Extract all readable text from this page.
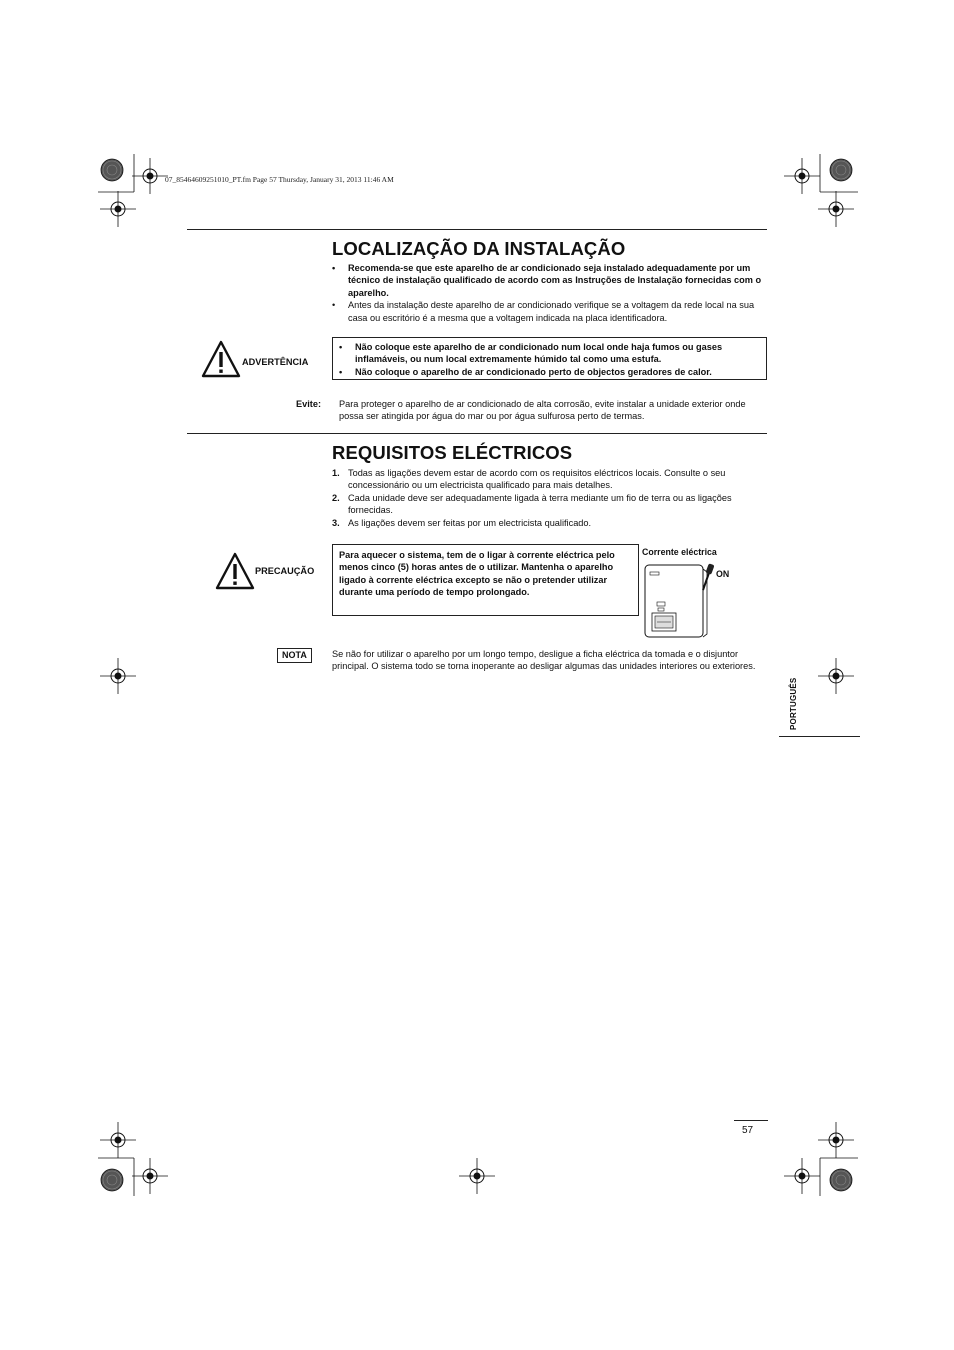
07_85464609251010_PT.fm Page 57 Thursday, January 31, 2013 11:46 AM
LOCALIZAÇÃO DA INSTALAÇÃO
• Recomenda-se que este aparelho de ar condicionado seja instalado adequadamente por um técnico de instalação qualificado de acordo com as Instruções de Instalação fornecidas com o aparelho.
• Antes da instalação deste aparelho de ar condicionado verifique se a voltagem da rede local na sua casa ou escritório é a mesma que a voltagem indicada na placa identificadora.
ADVERTÊNCIA
• Não coloque este aparelho de ar condicionado num local onde haja fumos ou gases inflamáveis, ou num local extremamente húmido tal como uma estufa.
• Não coloque o aparelho de ar condicionado perto de objectos geradores de calor.
Evite: Para proteger o aparelho de ar condicionado de alta corrosão, evite instalar a unidade exterior onde possa ser atingida por água do mar ou por água sulfurosa perto de termas.
REQUISITOS ELÉCTRICOS
1. Todas as ligações devem estar de acordo com os requisitos eléctricos locais. Consulte o seu concessionário ou um electricista qualificado para mais detalhes.
2. Cada unidade deve ser adequadamente ligada à terra mediante um fio de terra ou as ligações fornecidas.
3. As ligações devem ser feitas por um electricista qualificado.
PRECAUÇÃO
Para aquecer o sistema, tem de o ligar à corrente eléctrica pelo menos cinco (5) horas antes de o utilizar. Mantenha o aparelho ligado à corrente eléctrica excepto se não o pretender utilizar durante uma período de tempo prolongado.
Corrente eléctrica
ON
NOTA	Se não for utilizar o aparelho por um longo tempo, desligue a ficha eléctrica da tomada e o disjuntor principal. O sistema todo se torna inoperante ao desligar algumas das unidades interiores ou exteriores.
PORTUGUÊS
57
